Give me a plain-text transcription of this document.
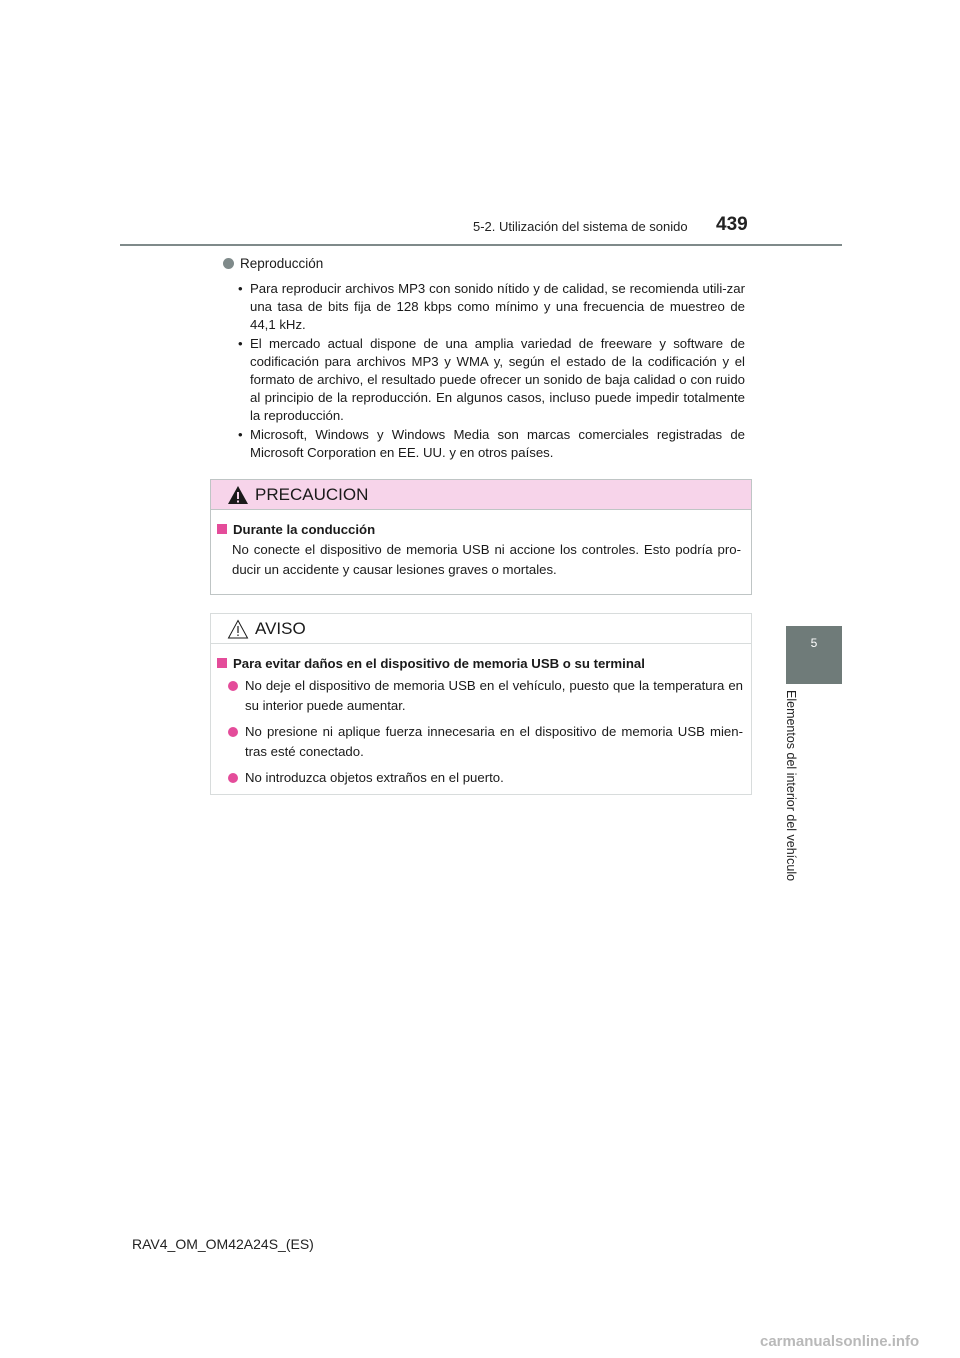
5-2. Utilización del sistema de sonido 439
5
Elementos del interior del vehículo
Reproducción
• Para reproducir archivos MP3 con sonido nítido y de calidad, se recomienda utili-zar una tasa de bits fija de 128 kbps como mínimo y una frecuencia de muestreo de 44,1 kHz.
• El mercado actual dispone de una amplia variedad de freeware y software de codificación para archivos MP3 y WMA y, según el estado de la codificación y el formato de archivo, el resultado puede ofrecer un sonido de baja calidad o con ruido al principio de la reproducción. En algunos casos, incluso puede impedir totalmente la reproducción.
• Microsoft, Windows y Windows Media son marcas comerciales registradas de Microsoft Corporation en EE. UU. y en otros países.
PRECAUCION
Durante la conducción
No conecte el dispositivo de memoria USB ni accione los controles. Esto podría pro-ducir un accidente y causar lesiones graves o mortales.
AVISO
Para evitar daños en el dispositivo de memoria USB o su terminal
No deje el dispositivo de memoria USB en el vehículo, puesto que la temperatura en su interior puede aumentar.
No presione ni aplique fuerza innecesaria en el dispositivo de memoria USB mien-tras esté conectado.
No introduzca objetos extraños en el puerto.
RAV4_OM_OM42A24S_(ES)
carmanualsonline.info
